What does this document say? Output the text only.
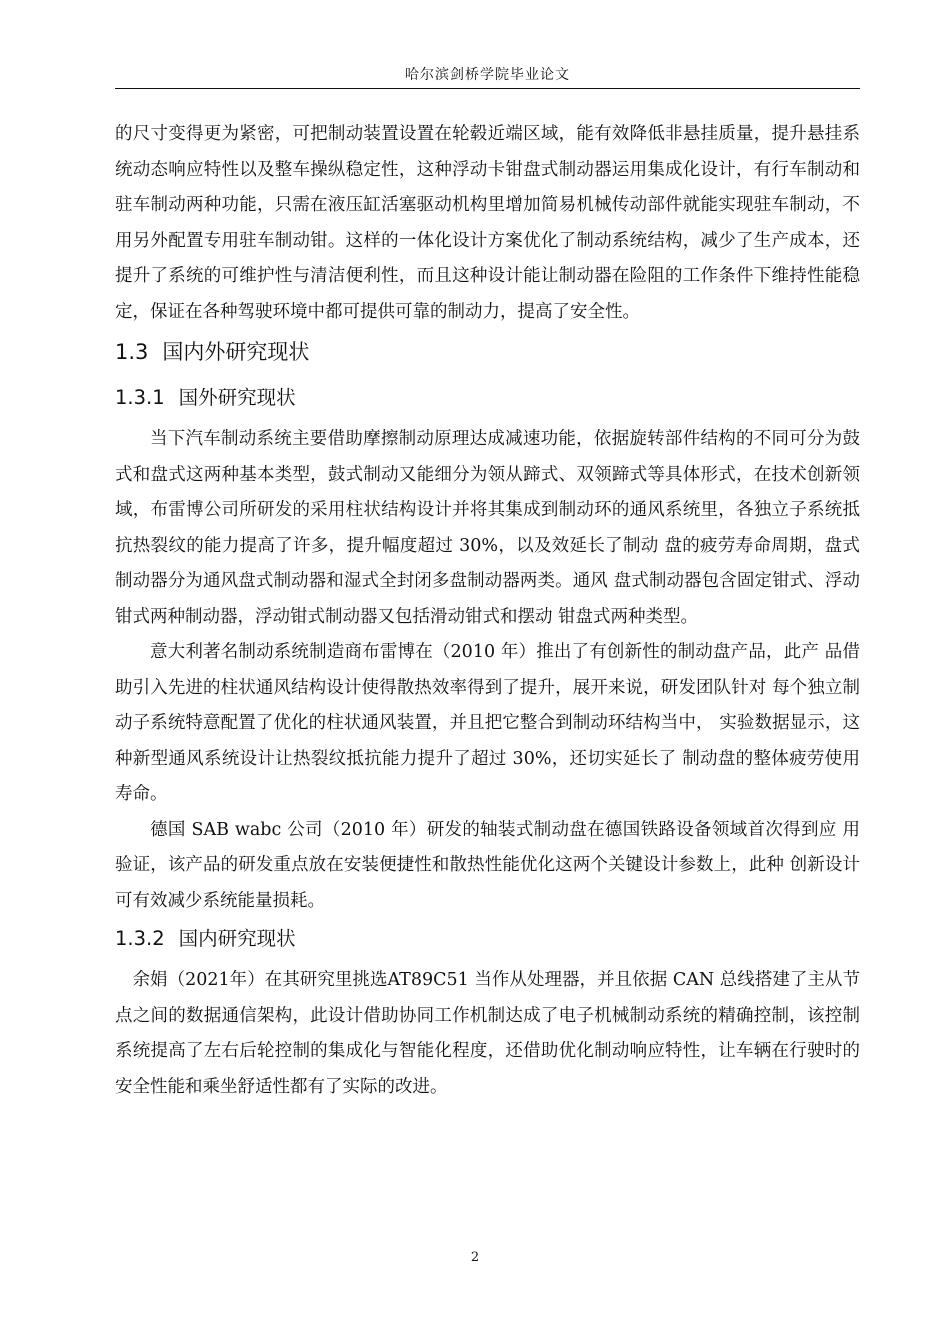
哈尔滨剑桥学院毕业论文

的尺寸变得更为紧密，可把制动装置设置在轮毂近端区域，能有效降低非悬挂质量，提升悬挂系统动态响应特性以及整车操纵稳定性，这种浮动卡钳盘式制动器运用集成化设计，有行车制动和驻车制动两种功能，只需在液压缸活塞驱动机构里增加简易机械传动部件就能实现驻车制动，不用另外配置专用驻车制动钳。这样的一体化设计方案优化了制动系统结构，减少了生产成本，还提升了系统的可维护性与清洁便利性，而且这种设计能让制动器在险阻的工作条件下维持性能稳定，保证在各种驾驶环境中都可提供可靠的制动力，提高了安全性。

1.3 国内外研究现状
1.3.1 国外研究现状

当下汽车制动系统主要借助摩擦制动原理达成减速功能，依据旋转部件结构的不同可分为鼓式和盘式这两种基本类型，鼓式制动又能细分为领从蹄式、双领蹄式等具体形式，在技术创新领域，布雷博公司所研发的采用柱状结构设计并将其集成到制动环的通风系统里，各独立子系统抵抗热裂纹的能力提高了许多，提升幅度超过 30%，以及效延长了制动 盘的疲劳寿命周期，盘式制动器分为通风盘式制动器和湿式全封闭多盘制动器两类。通风 盘式制动器包含固定钳式、浮动钳式两种制动器，浮动钳式制动器又包括滑动钳式和摆动 钳盘式两种类型。

意大利著名制动系统制造商布雷博在（2010 年）推出了有创新性的制动盘产品，此产 品借助引入先进的柱状通风结构设计使得散热效率得到了提升，展开来说，研发团队针对 每个独立制动子系统特意配置了优化的柱状通风装置，并且把它整合到制动环结构当中， 实验数据显示，这种新型通风系统设计让热裂纹抵抗能力提升了超过 30%，还切实延长了 制动盘的整体疲劳使用寿命。

德国 SAB wabc 公司（2010 年）研发的轴装式制动盘在德国铁路设备领域首次得到应 用验证，该产品的研发重点放在安装便捷性和散热性能优化这两个关键设计参数上，此种 创新设计可有效减少系统能量损耗。

1.3.2 国内研究现状

余娟（2021年）在其研究里挑选AT89C51 当作从处理器，并且依据 CAN 总线搭建了主从节点之间的数据通信架构，此设计借助协同工作机制达成了电子机械制动系统的精确控制，该控制系统提高了左右后轮控制的集成化与智能化程度，还借助优化制动响应特性，让车辆在行驶时的安全性能和乘坐舒适性都有了实际的改进。

2
